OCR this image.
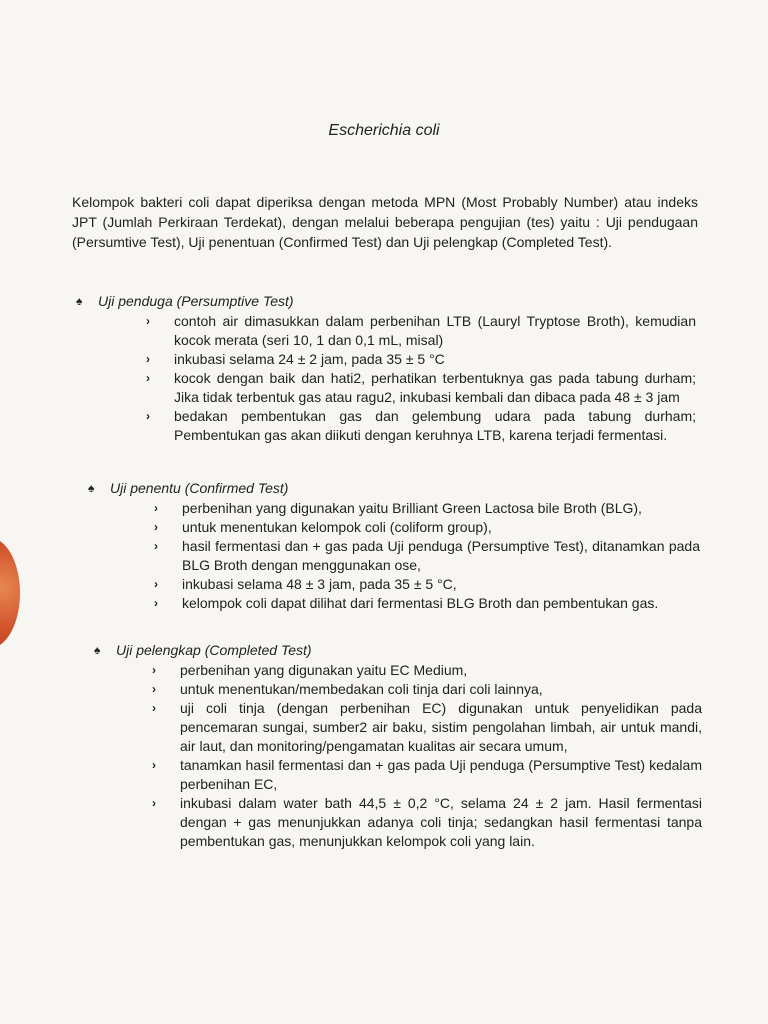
Escherichia coli
Kelompok bakteri coli dapat diperiksa dengan metoda MPN (Most Probably Number) atau indeks JPT (Jumlah Perkiraan Terdekat), dengan melalui beberapa pengujian (tes) yaitu : Uji pendugaan (Persumtive Test), Uji penentuan (Confirmed Test) dan Uji pelengkap (Completed Test).
♠	Uji penduga (Persumptive Test)
› contoh air dimasukkan dalam perbenihan LTB (Lauryl Tryptose Broth), kemudian kocok merata (seri 10, 1 dan 0,1 mL, misal)
› inkubasi selama 24 ± 2 jam, pada 35 ± 5 °C
› kocok dengan baik dan hati2, perhatikan terbentuknya gas pada tabung durham; Jika tidak terbentuk gas atau ragu2, inkubasi kembali dan dibaca pada 48 ± 3 jam
› bedakan pembentukan gas dan gelembung udara pada tabung durham; Pembentukan gas akan diikuti dengan keruhnya LTB, karena terjadi fermentasi.
♠	Uji penentu (Confirmed Test)
› perbenihan yang digunakan yaitu Brilliant Green Lactosa bile Broth (BLG),
› untuk menentukan kelompok coli (coliform group),
› hasil fermentasi dan + gas pada Uji penduga (Persumptive Test), ditanamkan pada BLG Broth dengan menggunakan ose,
› inkubasi selama 48 ± 3 jam, pada 35 ± 5 °C,
› kelompok coli dapat dilihat dari fermentasi BLG Broth dan pembentukan gas.
♠	Uji pelengkap (Completed Test)
› perbenihan yang digunakan yaitu EC Medium,
› untuk menentukan/membedakan coli tinja dari coli lainnya,
› uji coli tinja (dengan perbenihan EC) digunakan untuk penyelidikan pada pencemaran sungai, sumber2 air baku, sistim pengolahan limbah, air untuk mandi, air laut, dan monitoring/pengamatan kualitas air secara umum,
› tanamkan hasil fermentasi dan + gas pada Uji penduga (Persumptive Test) kedalam perbenihan EC,
› inkubasi dalam water bath 44,5 ± 0,2 °C, selama 24 ± 2 jam. Hasil fermentasi dengan + gas menunjukkan adanya coli tinja; sedangkan hasil fermentasi tanpa pembentukan gas, menunjukkan kelompok coli yang lain.
